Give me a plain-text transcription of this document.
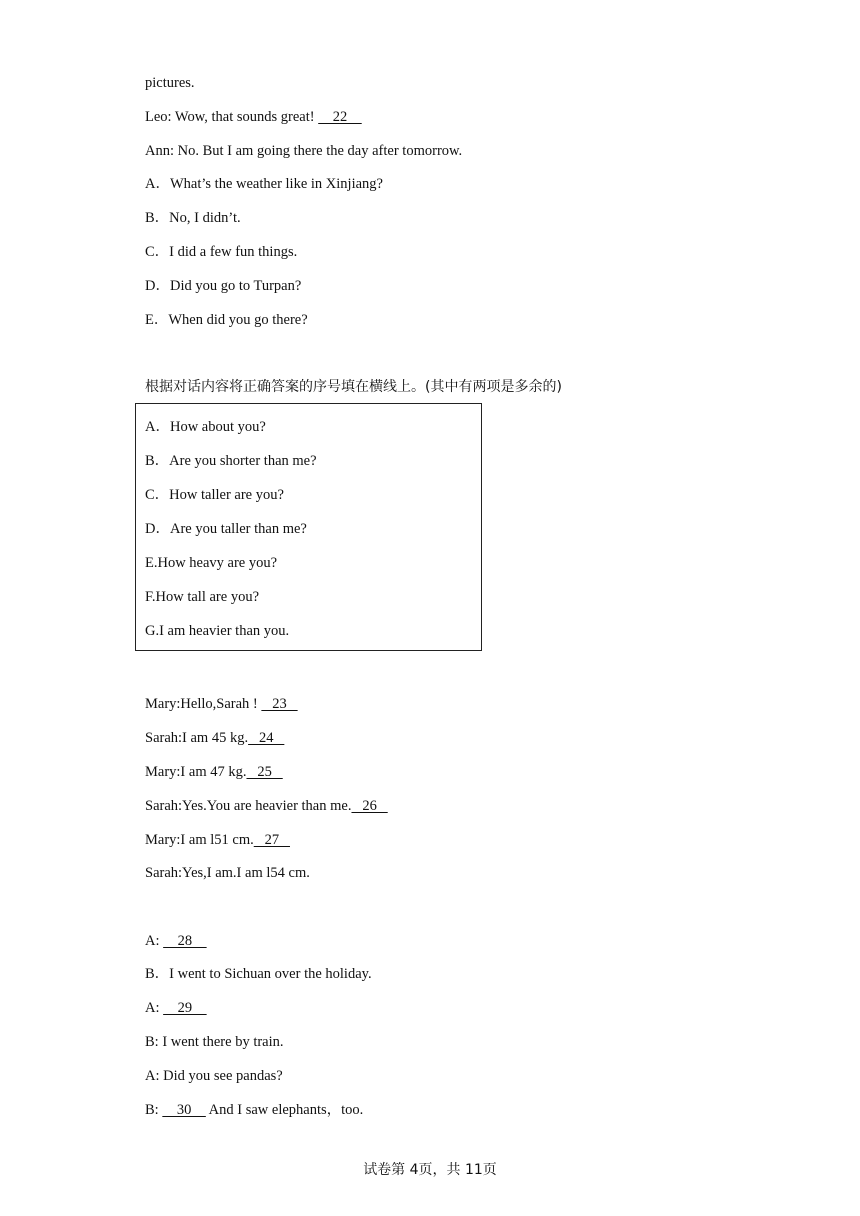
pictures.
Leo: Wow, that sounds great!     22
Ann: No. But I am going there the day after tomorrow.
A．What’s the weather like in Xinjiang?
B．No, I didn’t.
C．I did a few fun things.
D．Did you go to Turpan?
E．When did you go there?
根据对话内容将正确答案的序号填在横线上。(其中有两项是多余的)
A．How about you?
B．Are you shorter than me?
C．How taller are you?
D．Are you taller than me?
E.How heavy are you?
F.How tall are you?
G.I am heavier than you.
Mary:Hello,Sarah !    23
Sarah:I am 45 kg.   24
Mary:I am 47 kg.   25
Sarah:Yes.You are heavier than me.   26
Mary:I am l51 cm.   27
Sarah:Yes,I am.I am l54 cm.
A:     28
B．I went to Sichuan over the holiday.
A:     29
B: I went there by train.
A: Did you see pandas?
B:     30     And I saw elephants，too.
试卷第 4页，共 11页
